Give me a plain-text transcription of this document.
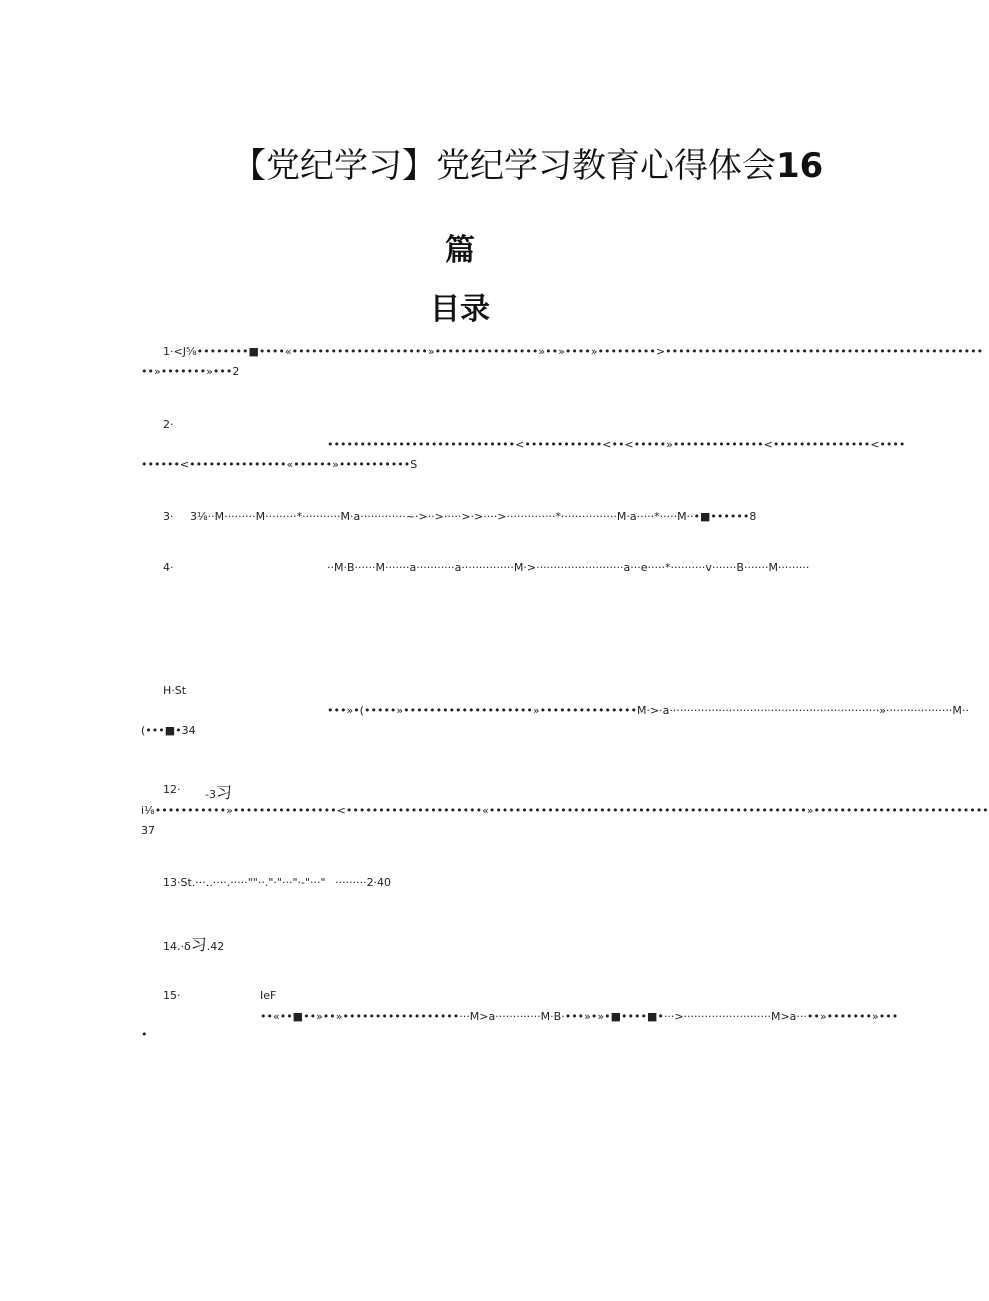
【党纪学习】党纪学习教育心得体会16
篇
目录
1·<J⅝••••••••■••••«•••••••••••••••••••••»••••••••••••••••»••»••••»•••••••••>•••••••••••••••••••••••••••••••••••••••••••••••••
••»•••••••»•••2
2·
•••••••••••••••••••••••••••••<••••••••••••<••<•••••»••••••••••••••<•••••••••••••••<••••
••••••<•••••••••••••••«••••••»•••••••••••S
3· 3⅛··M·········M·········*···········M·a·············~·>··>·····>·>····>··············*················M·a·····*·····M··•■••••••8
4·	··M·B······M·······a···········a···············M·>·························a···e·····*··········v·······B·······M·········
H·St
•••»•(•••••»••••••••••••••••••••»•••••••••••••••M·>·a····························································»···················M··
(•••■•34
12· -3习
i⅛•••••••••••»••••••••••••••••<•••••••••••••••••••••«•••••••••••••••••••••••••••••••••••••••••••••••••»•••••••••••••••••••••••••••
37
13·St.···..····.·····""··."·"···"·-"···" ·········2·40
14.·δ习.42
15·	IeF
••«••■••»••»••••••••••••••••••···M>a·············M·B·•••»•»•■••••■•···>·························M>a···••»•••••••»•••
•
